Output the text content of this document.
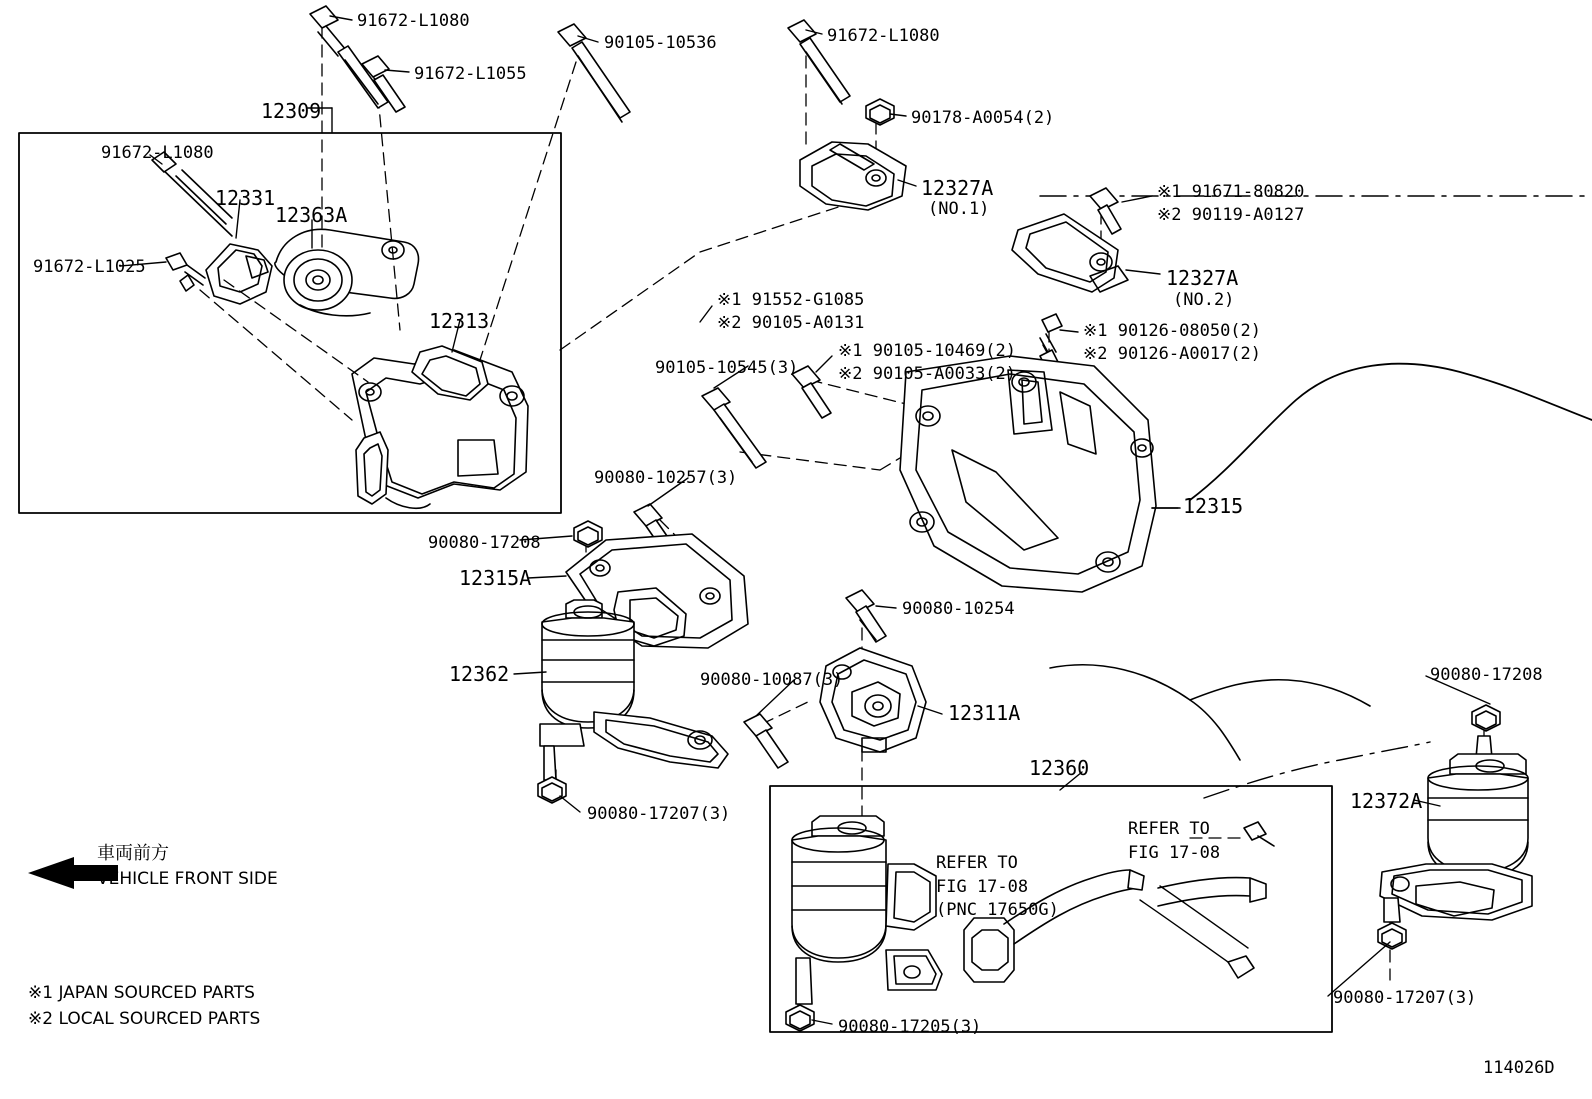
91672-L1080
90105-10536	91672-L1080
91672-L1055
90178-A0054(2)
12309
91672-L1080
12331
12363A
12327A
(NO.1)
※1 91671-80820
※2 90119-A0127
91672-L1025	12327A
(NO.2)
12313
※1 91552-G1085
※2 90105-A0131	※1 90126-08050(2)
※2 90126-A0017(2)
※1 90105-10469(2)
※2 90105-A0033(2)
90105-10545(3)
12315
90080-10257(3)
90080-17208
12315A
90080-10254
12362	90080-10087(3)
12311A
90080-17208
12360
90080-17207(3)
REFER TO
FIG 17-08
12372A
REFER TO
FIG 17-08
(PNC 17650G)
90080-17207(3)
90080-17205(3)
車両前方
VEHICLE FRONT SIDE
※1 JAPAN SOURCED PARTS
※2 LOCAL SOURCED PARTS
114026D
